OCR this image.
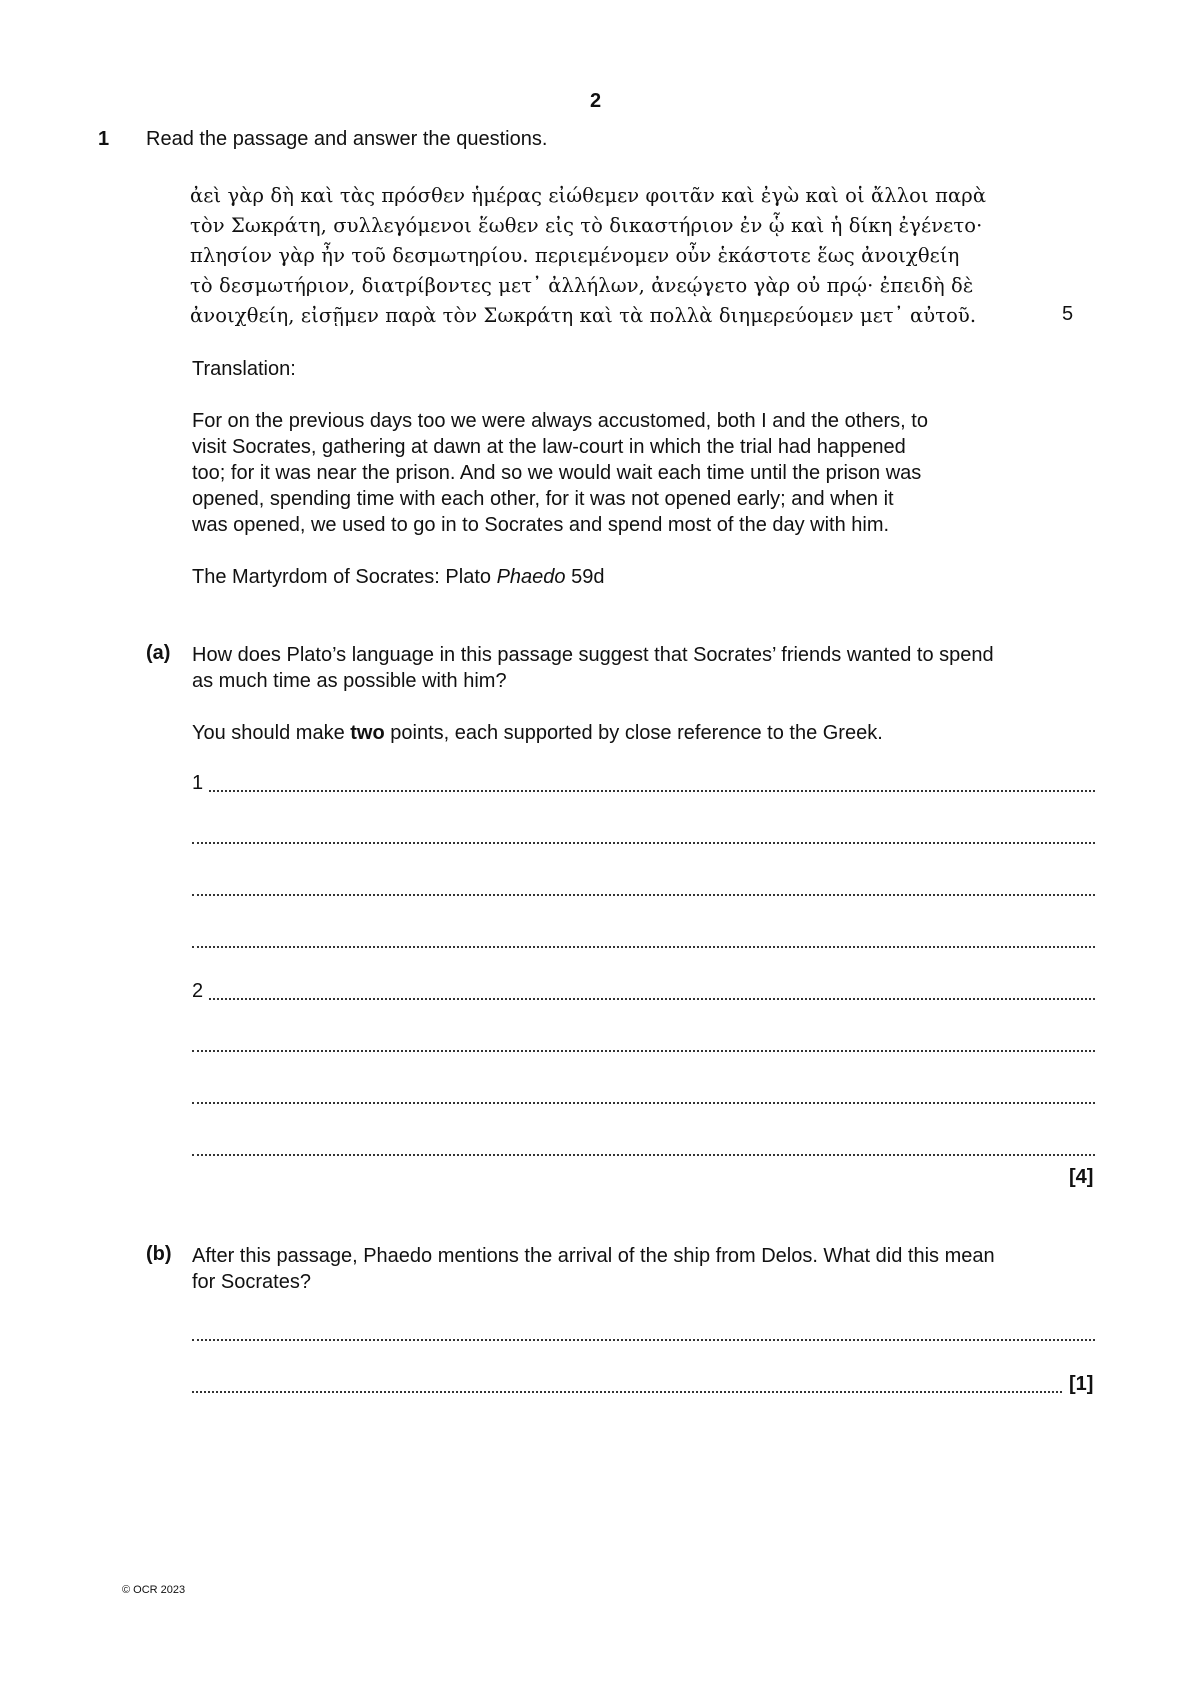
2
1 Read the passage and answer the questions.
ἀεὶ γὰρ δὴ καὶ τὰς πρόσθεν ἡμέρας εἰώθεμεν φοιτᾶν καὶ ἐγὼ καὶ οἱ ἄλλοι παρὰ
τὸν Σωκράτη, συλλεγόμενοι ἕωθεν εἰς τὸ δικαστήριον ἐν ᾧ καὶ ἡ δίκη ἐγένετο·
πλησίον γὰρ ἦν τοῦ δεσμωτηρίου. περιεμένομεν οὖν ἑκάστοτε ἕως ἀνοιχθείη
τὸ δεσμωτήριον, διατρίβοντες μετ᾽ ἀλλήλων, ἀνεῴγετο γὰρ οὐ πρῴ· ἐπειδὴ δὲ
ἀνοιχθείη, εἰσῇμεν παρὰ τὸν Σωκράτη καὶ τὰ πολλὰ διημερεύομεν μετ᾽ αὐτοῦ.	5
Translation:
For on the previous days too we were always accustomed, both I and the others, to
visit Socrates, gathering at dawn at the law-court in which the trial had happened
too; for it was near the prison. And so we would wait each time until the prison was
opened, spending time with each other, for it was not opened early; and when it
was opened, we used to go in to Socrates and spend most of the day with him.
The Martyrdom of Socrates: Plato Phaedo 59d
(a) How does Plato’s language in this passage suggest that Socrates’ friends wanted to spend
as much time as possible with him?
You should make two points, each supported by close reference to the Greek.
1
2
[4]
(b) After this passage, Phaedo mentions the arrival of the ship from Delos. What did this mean
for Socrates?
[1]
© OCR 2023
